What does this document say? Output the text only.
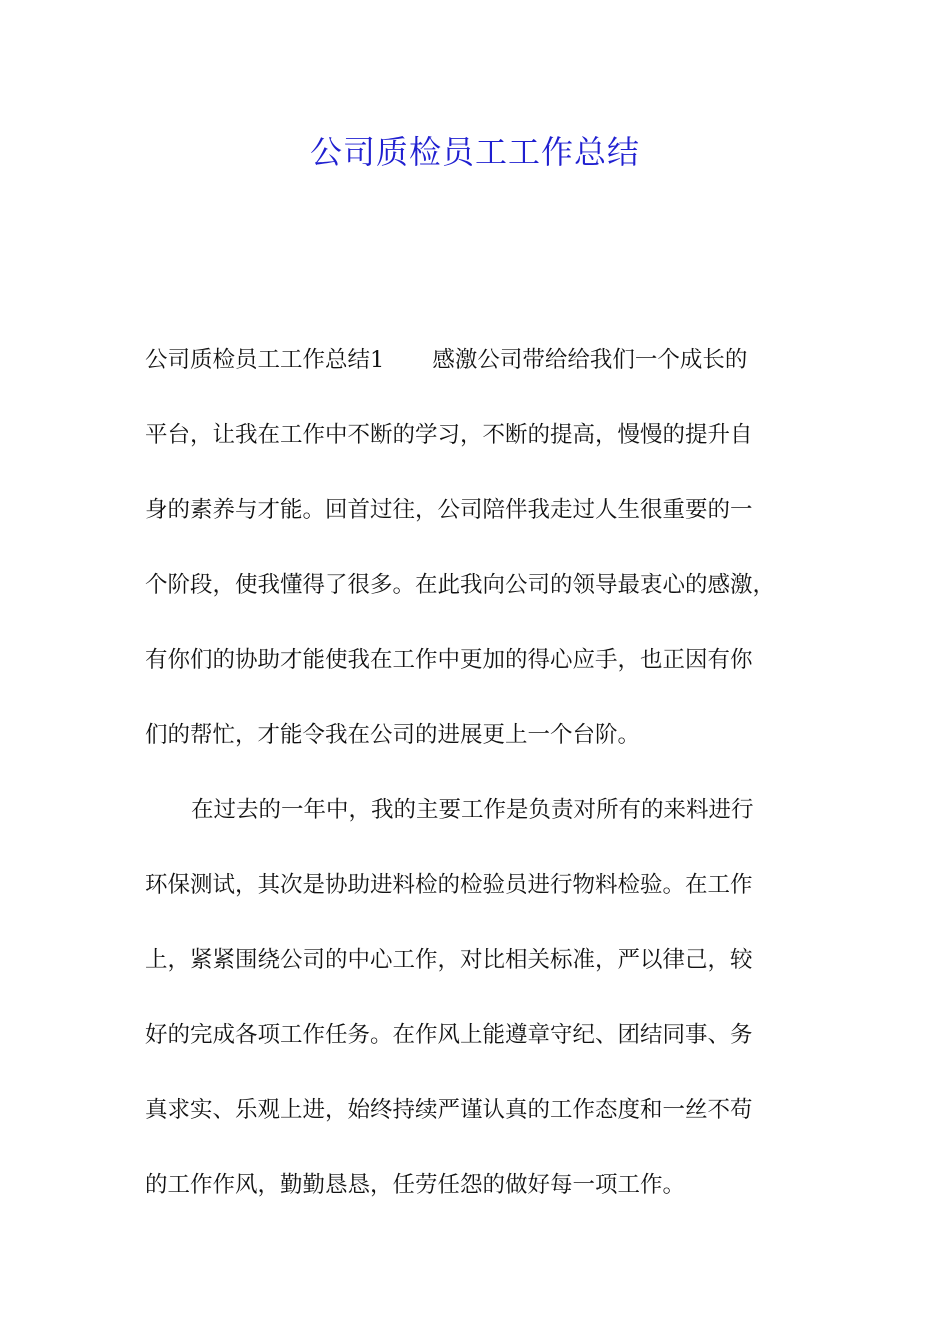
公司质检员工工作总结

公司质检员工工作总结1 感激公司带给给我们一个成长的

平台，让我在工作中不断的学习，不断的提高，慢慢的提升自

身的素养与才能。回首过往，公司陪伴我走过人生很重要的一

个阶段，使我懂得了很多。在此我向公司的领导最衷心的感激，

有你们的协助才能使我在工作中更加的得心应手，也正因有你

们的帮忙，才能令我在公司的进展更上一个台阶。

在过去的一年中，我的主要工作是负责对所有的来料进行

环保测试，其次是协助进料检的检验员进行物料检验。在工作

上，紧紧围绕公司的中心工作，对比相关标准，严以律己，较

好的完成各项工作任务。在作风上能遵章守纪、团结同事、务

真求实、乐观上进，始终持续严谨认真的工作态度和一丝不苟

的工作作风，勤勤恳恳，任劳任怨的做好每一项工作。
